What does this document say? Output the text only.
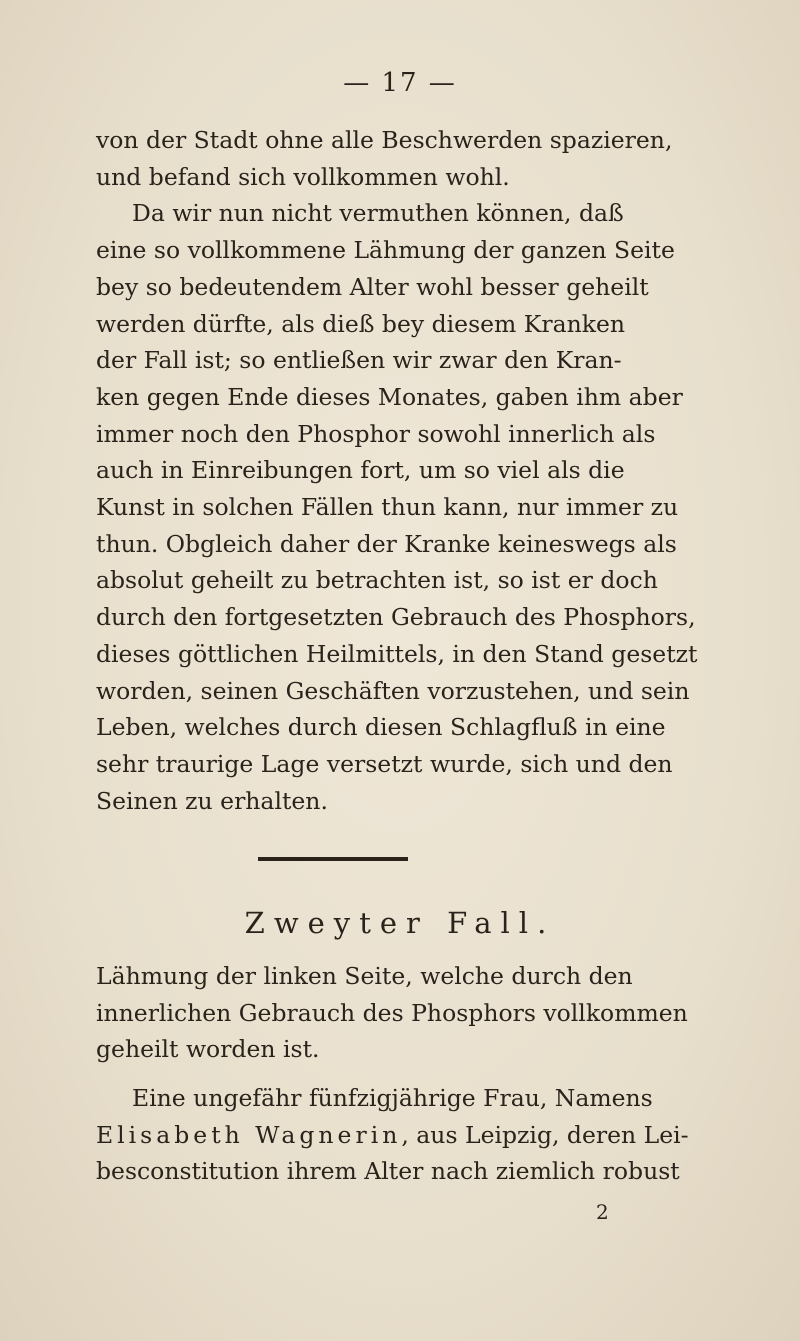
— 17 —

von der Stadt ohne alle Beschwerden spazieren,

und befand sich vollkommen wohl.

Da wir nun nicht vermuthen können, daß

eine so vollkommene Lähmung der ganzen Seite

bey so bedeutendem Alter wohl besser geheilt

werden dürfte, als dieß bey diesem Kranken

der Fall ist; so entließen wir zwar den Kran-

ken gegen Ende dieses Monates, gaben ihm aber

immer noch den Phosphor sowohl innerlich als

auch in Einreibungen fort, um so viel als die

Kunst in solchen Fällen thun kann, nur immer zu

thun. Obgleich daher der Kranke keineswegs als

absolut geheilt zu betrachten ist, so ist er doch

durch den fortgesetzten Gebrauch des Phosphors,

dieses göttlichen Heilmittels, in den Stand gesetzt

worden, seinen Geschäften vorzustehen, und sein

Leben, welches durch diesen Schlagfluß in eine

sehr traurige Lage versetzt wurde, sich und den

Seinen zu erhalten.

Zweyter Fall.

Lähmung der linken Seite, welche durch den

innerlichen Gebrauch des Phosphors vollkommen

geheilt worden ist.

Eine ungefähr fünfzigjährige Frau, Namens

Elisabeth Wagnerin, aus Leipzig, deren Lei-

besconstitution ihrem Alter nach ziemlich robust

2
